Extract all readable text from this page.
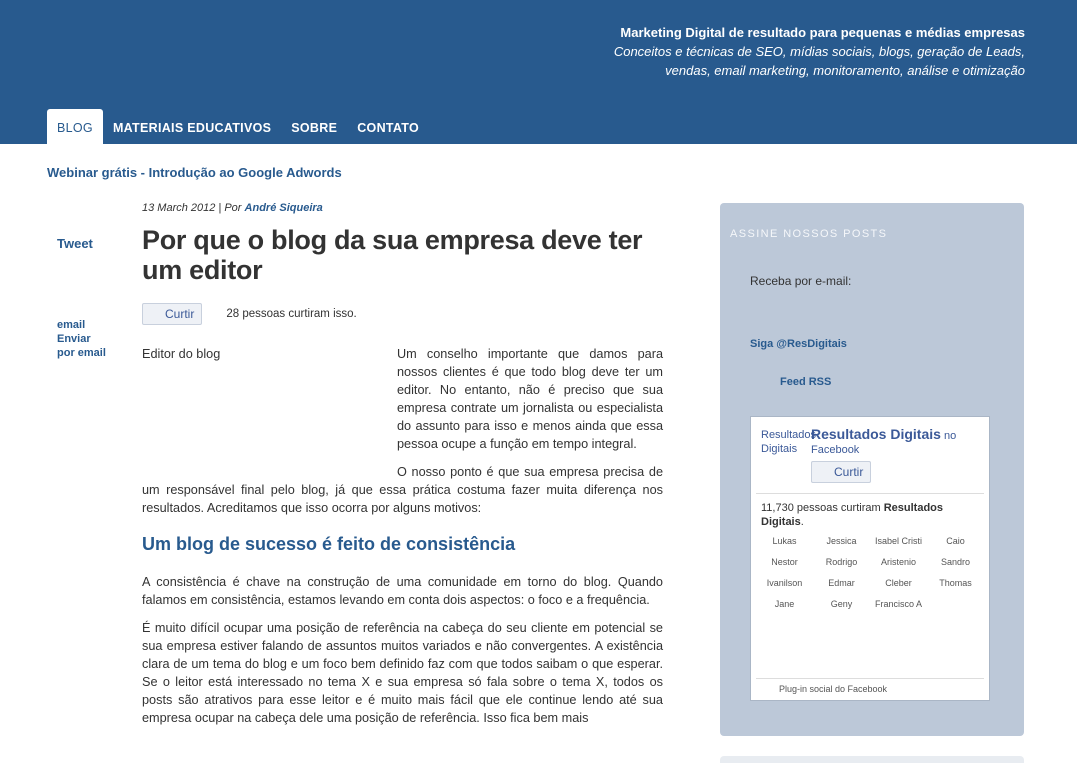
Marketing Digital de resultado para pequenas e médias empresas
Conceitos e técnicas de SEO, mídias sociais, blogs, geração de Leads, vendas, email marketing, monitoramento, análise e otimização
BLOG	MATERIAIS EDUCATIVOS	SOBRE	CONTATO
Webinar grátis - Introdução ao Google Adwords
Tweet
email
Enviar
por email
13 March 2012 | Por André Siqueira
Por que o blog da sua empresa deve ter um editor
Curtir	28 pessoas curtiram isso.
Editor do blog	Um conselho importante que damos para nossos clientes é que todo blog deve ter um editor. No entanto, não é preciso que sua empresa contrate um jornalista ou especialista do assunto para isso e menos ainda que essa pessoa ocupe a função em tempo integral.

O nosso ponto é que sua empresa precisa de um responsável final pelo blog, já que essa prática costuma fazer muita diferença nos resultados. Acreditamos que isso ocorra por alguns motivos:

Um blog de sucesso é feito de consistência

A consistência é chave na construção de uma comunidade em torno do blog. Quando falamos em consistência, estamos levando em conta dois aspectos: o foco e a frequência.

É muito difícil ocupar uma posição de referência na cabeça do seu cliente em potencial se sua empresa estiver falando de assuntos muitos variados e não convergentes. A existência clara de um tema do blog e um foco bem definido faz com que todos saibam o que esperar. Se o leitor está interessado no tema X e sua empresa só fala sobre o tema X, todos os posts são atrativos para esse leitor e é muito mais fácil que ele continue lendo até sua empresa ocupar na cabeça dele uma posição de referência. Isso fica bem mais

ASSINE NOSSOS POSTS
Receba por e-mail:
Siga @ResDigitais
Feed RSS
Resultados Digitais
Resultados Digitais no Facebook
Curtir
11,730 pessoas curtiram Resultados Digitais.
Lukas	Jessica	Isabel Cristi	Caio
Nestor	Rodrigo	Aristenio	Sandro
Ivanilson	Edmar	Cleber	Thomas
Jane	Geny	Francisco A
Plug-in social do Facebook
